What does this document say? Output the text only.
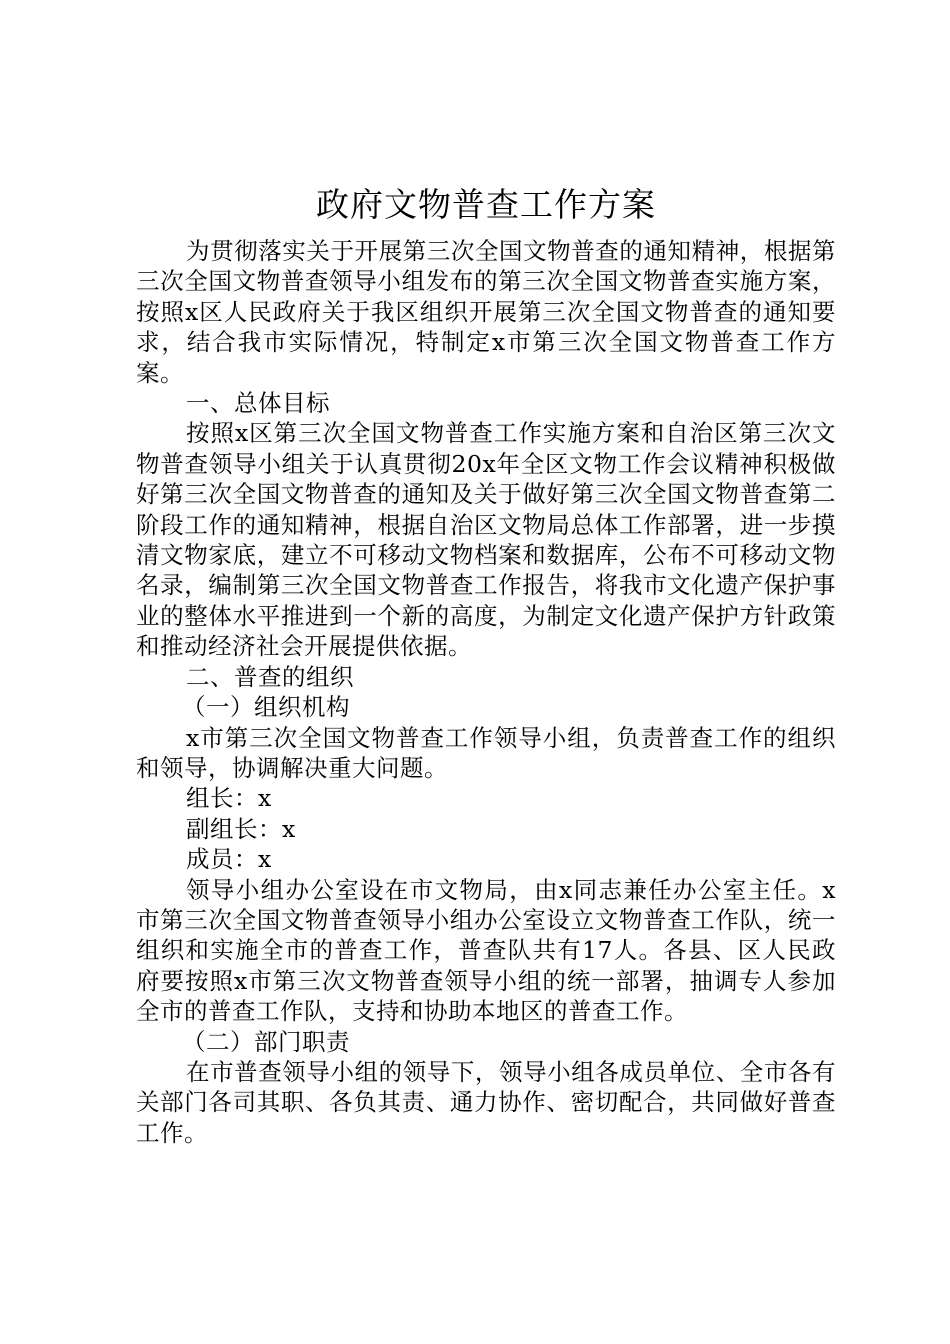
政府文物普查工作方案

为贯彻落实关于开展第三次全国文物普查的通知精神，根据第三次全国文物普查领导小组发布的第三次全国文物普查实施方案，按照x区人民政府关于我区组织开展第三次全国文物普查的通知要求，结合我市实际情况，特制定x市第三次全国文物普查工作方案。

一、总体目标

按照x区第三次全国文物普查工作实施方案和自治区第三次文物普查领导小组关于认真贯彻20x年全区文物工作会议精神积极做好第三次全国文物普查的通知及关于做好第三次全国文物普查第二阶段工作的通知精神，根据自治区文物局总体工作部署，进一步摸清文物家底，建立不可移动文物档案和数据库，公布不可移动文物名录，编制第三次全国文物普查工作报告，将我市文化遗产保护事业的整体水平推进到一个新的高度，为制定文化遗产保护方针政策和推动经济社会开展提供依据。

二、普查的组织

（一）组织机构

x市第三次全国文物普查工作领导小组，负责普查工作的组织和领导，协调解决重大问题。

组长：x

副组长：x

成员：x

领导小组办公室设在市文物局，由x同志兼任办公室主任。x市第三次全国文物普查领导小组办公室设立文物普查工作队，统一组织和实施全市的普查工作，普查队共有17人。各县、区人民政府要按照x市第三次文物普查领导小组的统一部署，抽调专人参加全市的普查工作队，支持和协助本地区的普查工作。

（二）部门职责

在市普查领导小组的领导下，领导小组各成员单位、全市各有关部门各司其职、各负其责、通力协作、密切配合，共同做好普查工作。
